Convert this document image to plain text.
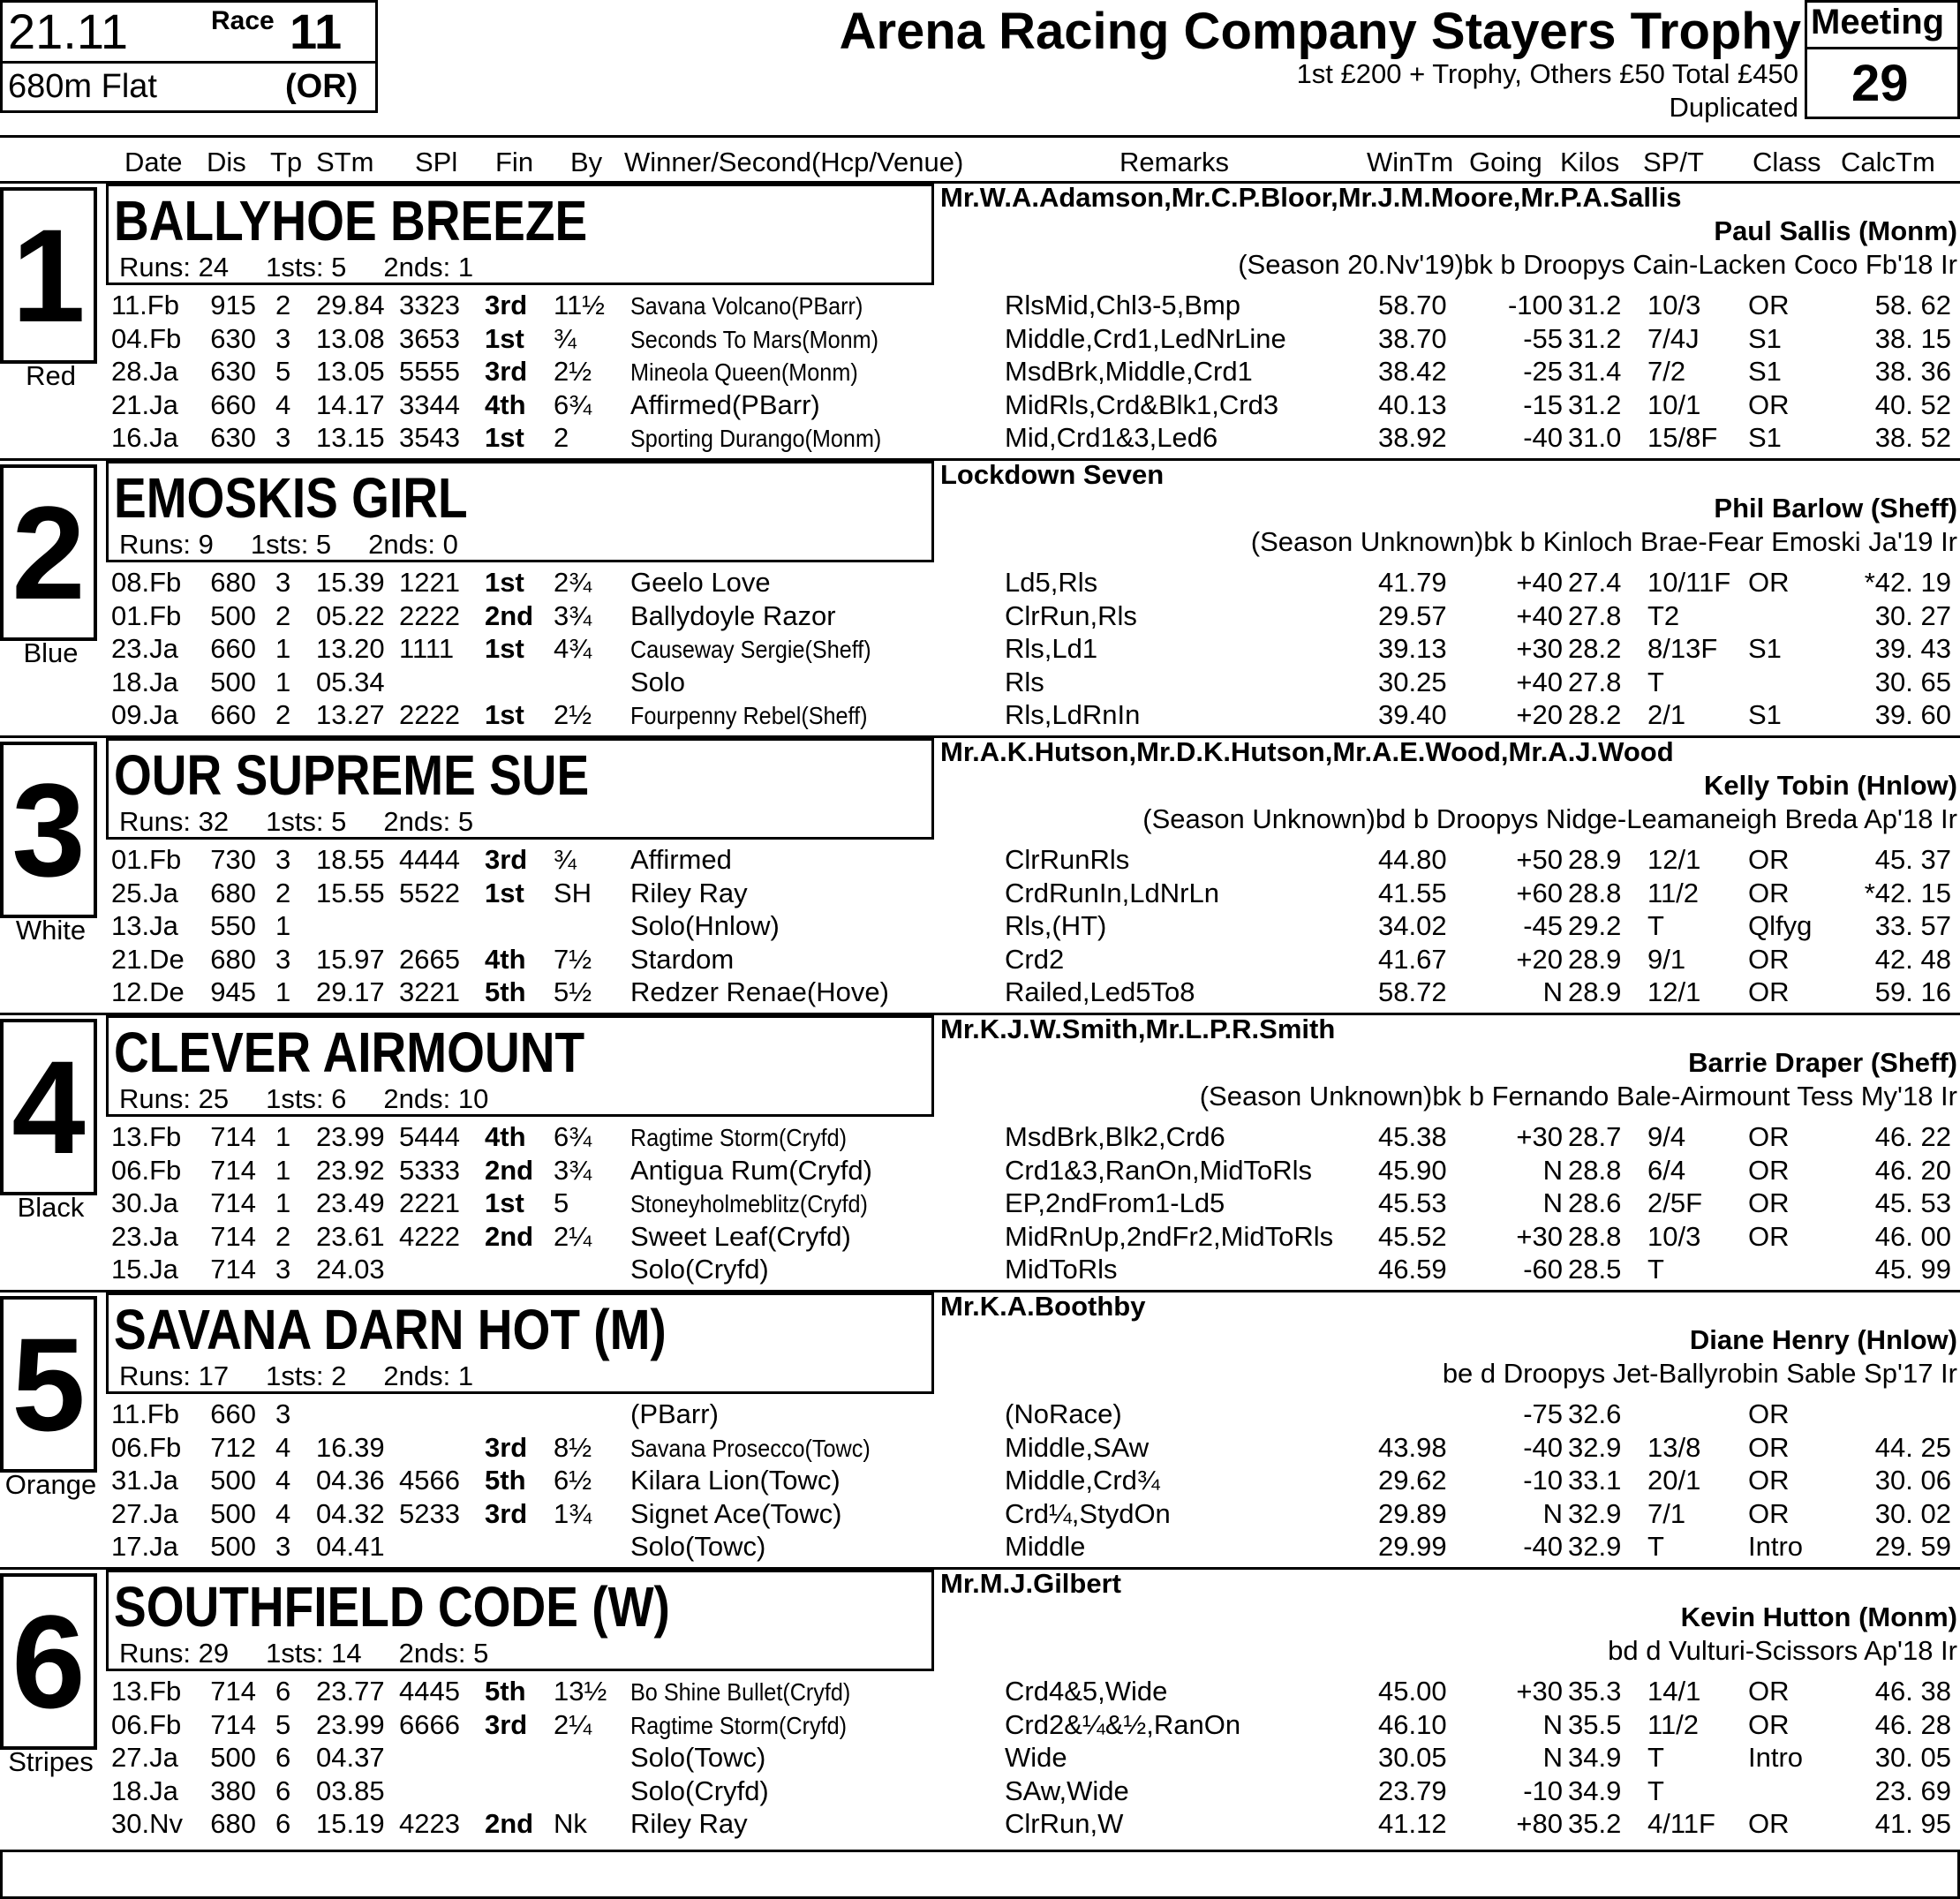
21.11	Race 11
680m Flat	(OR)
Arena Racing Company Stayers Trophy
1st £200 + Trophy, Others £50 Total £450
Duplicated
Meeting
29
Date Dis Tp STm SPl Fin By Winner/Second(Hcp/Venue)	Remarks	WinTm Going Kilos SP/T Class CalcTm
1
Red
BALLYHOE BREEZE
Runs: 24 1sts: 5 2nds: 1
Mr.W.A.Adamson,Mr.C.P.Bloor,Mr.J.M.Moore,Mr.P.A.Sallis
Paul Sallis (Monm)
(Season 20.Nv'19)bk b Droopys Cain-Lacken Coco Fb'18 Ir
11.Fb 915 2 29.84 3323 3rd 11½ Savana Volcano(PBarr)	RlsMid,Chl3-5,Bmp	58.70	-100 31.2 10/3 OR	58. 62
04.Fb 630 3 13.08 3653 1st ¾ Seconds To Mars(Monm)	Middle,Crd1,LedNrLine	38.70	-55 31.2 7/4J S1	38. 15
28.Ja 630 5 13.05 5555 3rd 2½ Mineola Queen(Monm)	MsdBrk,Middle,Crd1	38.42	-25 31.4 7/2 S1	38. 36
21.Ja 660 4 14.17 3344 4th 6¾ Affirmed(PBarr)	MidRls,Crd&Blk1,Crd3	40.13	-15 31.2 10/1 OR	40. 52
16.Ja 630 3 13.15 3543 1st 2 Sporting Durango(Monm)	Mid,Crd1&3,Led6	38.92	-40 31.0 15/8F S1	38. 52
2
Blue
EMOSKIS GIRL
Runs: 9 1sts: 5 2nds: 0
Lockdown Seven
Phil Barlow (Sheff)
(Season Unknown)bk b Kinloch Brae-Fear Emoski Ja'19 Ir
08.Fb 680 3 15.39 1221 1st 2¾ Geelo Love	Ld5,Rls	41.79	+40 27.4 10/11F OR	*42. 19
01.Fb 500 2 05.22 2222 2nd 3¾ Ballydoyle Razor	ClrRun,Rls	29.57	+40 27.8 T2	30. 27
23.Ja 660 1 13.20 1111 1st 4¾ Causeway Sergie(Sheff)	Rls,Ld1	39.13	+30 28.2 8/13F S1	39. 43
18.Ja 500 1 05.34	Solo	Rls	30.25	+40 27.8 T	30. 65
09.Ja 660 2 13.27 2222 1st 2½ Fourpenny Rebel(Sheff)	Rls,LdRnIn	39.40	+20 28.2 2/1 S1	39. 60
3
White
OUR SUPREME SUE
Runs: 32 1sts: 5 2nds: 5
Mr.A.K.Hutson,Mr.D.K.Hutson,Mr.A.E.Wood,Mr.A.J.Wood
Kelly Tobin (Hnlow)
(Season Unknown)bd b Droopys Nidge-Leamaneigh Breda Ap'18 Ir
01.Fb 730 3 18.55 4444 3rd ¾ Affirmed	ClrRunRls	44.80	+50 28.9 12/1 OR	45. 37
25.Ja 680 2 15.55 5522 1st SH Riley Ray	CrdRunIn,LdNrLn	41.55	+60 28.8 11/2 OR	*42. 15
13.Ja 550 1	Solo(Hnlow)	Rls,(HT)	34.02	-45 29.2 T	Qlfyg	33. 57
21.De 680 3 15.97 2665 4th 7½ Stardom	Crd2	41.67	+20 28.9 9/1 OR	42. 48
12.De 945 1 29.17 3221 5th 5½ Redzer Renae(Hove)	Railed,Led5To8	58.72	N 28.9 12/1 OR	59. 16
4
Black
CLEVER AIRMOUNT
Runs: 25 1sts: 6 2nds: 10
Mr.K.J.W.Smith,Mr.L.P.R.Smith
Barrie Draper (Sheff)
(Season Unknown)bk b Fernando Bale-Airmount Tess My'18 Ir
13.Fb 714 1 23.99 5444 4th 6¾ Ragtime Storm(Cryfd)	MsdBrk,Blk2,Crd6	45.38	+30 28.7 9/4 OR	46. 22
06.Fb 714 1 23.92 5333 2nd 3¾ Antigua Rum(Cryfd)	Crd1&3,RanOn,MidToRls 45.90	N 28.8 6/4 OR	46. 20
30.Ja 714 1 23.49 2221 1st 5 Stoneyholmeblitz(Cryfd)	EP,2ndFrom1-Ld5	45.53	N 28.6 2/5F OR	45. 53
23.Ja 714 2 23.61 4222 2nd 2¼ Sweet Leaf(Cryfd)	MidRnUp,2ndFr2,MidToRls 45.52	+30 28.8 10/3 OR	46. 00
15.Ja 714 3 24.03	Solo(Cryfd)	MidToRls	46.59	-60 28.5 T	45. 99
5
Orange
SAVANA DARN HOT (M)
Runs: 17 1sts: 2 2nds: 1
Mr.K.A.Boothby
Diane Henry (Hnlow)
be d Droopys Jet-Ballyrobin Sable Sp'17 Ir
11.Fb 660 3	(PBarr)	(NoRace)	-75 32.6	OR
06.Fb 712 4 16.39	3rd 8½ Savana Prosecco(Towc)	Middle,SAw	43.98	-40 32.9 13/8 OR	44. 25
31.Ja 500 4 04.36 4566 5th 6½ Kilara Lion(Towc)	Middle,Crd¾	29.62	-10 33.1 20/1 OR	30. 06
27.Ja 500 4 04.32 5233 3rd 1¾ Signet Ace(Towc)	Crd¼,StydOn	29.89	N 32.9 7/1 OR	30. 02
17.Ja 500 3 04.41	Solo(Towc)	Middle	29.99	-40 32.9 T	Intro	29. 59
6
Stripes
SOUTHFIELD CODE (W)
Runs: 29 1sts: 14 2nds: 5
Mr.M.J.Gilbert
Kevin Hutton (Monm)
bd d Vulturi-Scissors Ap'18 Ir
13.Fb 714 6 23.77 4445 5th 13½ Bo Shine Bullet(Cryfd)	Crd4&5,Wide	45.00	+30 35.3 14/1 OR	46. 38
06.Fb 714 5 23.99 6666 3rd 2¼ Ragtime Storm(Cryfd)	Crd2&¼&½,RanOn	46.10	N 35.5 11/2 OR	46. 28
27.Ja 500 6 04.37	Solo(Towc)	Wide	30.05	N 34.9 T	Intro	30. 05
18.Ja 380 6 03.85	Solo(Cryfd)	SAw,Wide	23.79	-10 34.9 T	23. 69
30.Nv 680 6 15.19 4223 2nd Nk Riley Ray	ClrRun,W	41.12	+80 35.2 4/11F OR	41. 95
